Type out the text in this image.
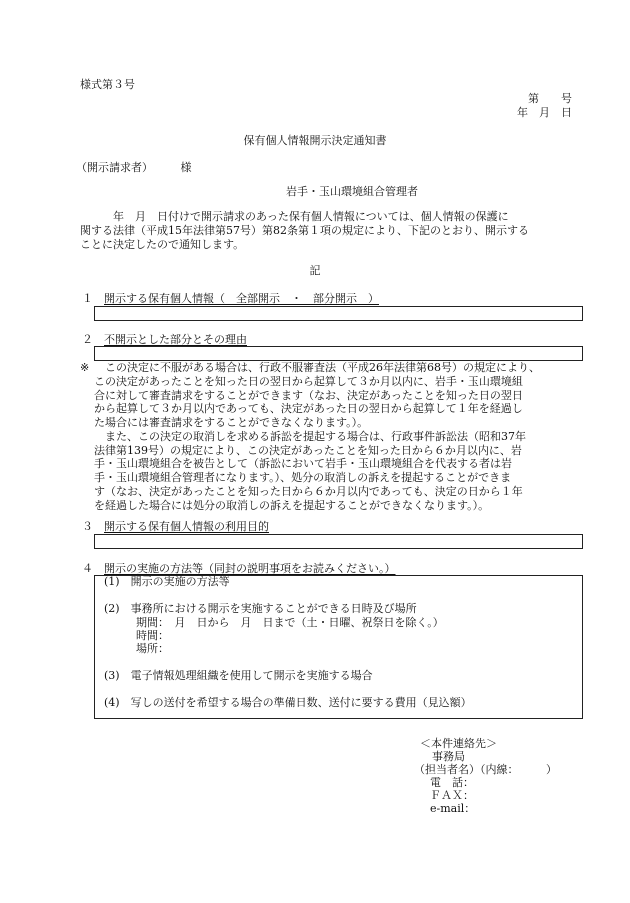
様式第３号
第　　号
年　月　日
保有個人情報開示決定通知書
（開示請求者）　　　様
岩手・玉山環境組合管理者
　　　年　月　日付けで開示請求のあった保有個人情報については、個人情報の保護に
関する法律（平成15年法律第57号）第82条第１項の規定により、下記のとおり、開示する
ことに決定したので通知します。
記
１ 開示する保有個人情報（　全部開示　・　部分開示　）
２ 不開示とした部分とその理由
※	この決定に不服がある場合は、行政不服審査法（平成26年法律第68号）の規定により、
この決定があったことを知った日の翌日から起算して３か月以内に、岩手・玉山環境組
合に対して審査請求をすることができます（なお、決定があったことを知った日の翌日
から起算して３か月以内であっても、決定があった日の翌日から起算して１年を経過し
た場合には審査請求をすることができなくなります。）。
また、この決定の取消しを求める訴訟を提起する場合は、行政事件訴訟法（昭和37年
法律第139号）の規定により、この決定があったことを知った日から６か月以内に、岩
手・玉山環境組合を被告として（訴訟において岩手・玉山環境組合を代表する者は岩
手・玉山環境組合管理者になります。）、処分の取消しの訴えを提起することができま
す（なお、決定があったことを知った日から６か月以内であっても、決定の日から１年
を経過した場合には処分の取消しの訴えを提起することができなくなります。）。
３ 開示する保有個人情報の利用目的
４ 開示の実施の方法等（同封の説明事項をお読みください。）
(1)　開示の実施の方法等
(2)　事務所における開示を実施することができる日時及び場所
期間：　月　日から　月　日まで（土・日曜、祝祭日を除く。）
時間：
場所：
(3)　電子情報処理組織を使用して開示を実施する場合
(4)　写しの送付を希望する場合の準備日数、送付に要する費用（見込額）
＜本件連絡先＞
事務局
（担当者名）（内線：　　　）
電　話：
ＦＡＸ：
e-mail：
